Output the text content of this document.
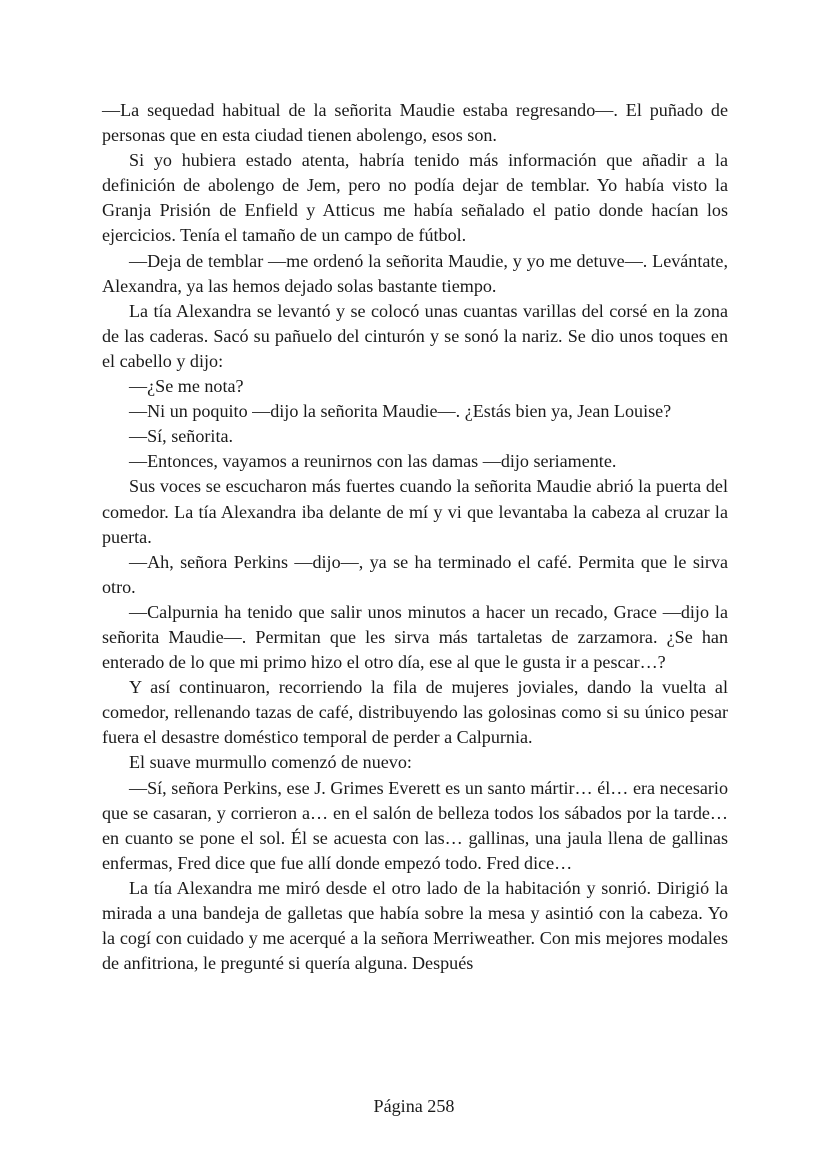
—La sequedad habitual de la señorita Maudie estaba regresando—. El puñado de personas que en esta ciudad tienen abolengo, esos son.

Si yo hubiera estado atenta, habría tenido más información que añadir a la definición de abolengo de Jem, pero no podía dejar de temblar. Yo había visto la Granja Prisión de Enfield y Atticus me había señalado el patio donde hacían los ejercicios. Tenía el tamaño de un campo de fútbol.

—Deja de temblar —me ordenó la señorita Maudie, y yo me detuve—. Levántate, Alexandra, ya las hemos dejado solas bastante tiempo.

La tía Alexandra se levantó y se colocó unas cuantas varillas del corsé en la zona de las caderas. Sacó su pañuelo del cinturón y se sonó la nariz. Se dio unos toques en el cabello y dijo:

—¿Se me nota?

—Ni un poquito —dijo la señorita Maudie—. ¿Estás bien ya, Jean Louise?

—Sí, señorita.

—Entonces, vayamos a reunirnos con las damas —dijo seriamente.

Sus voces se escucharon más fuertes cuando la señorita Maudie abrió la puerta del comedor. La tía Alexandra iba delante de mí y vi que levantaba la cabeza al cruzar la puerta.

—Ah, señora Perkins —dijo—, ya se ha terminado el café. Permita que le sirva otro.

—Calpurnia ha tenido que salir unos minutos a hacer un recado, Grace —dijo la señorita Maudie—. Permitan que les sirva más tartaletas de zarzamora. ¿Se han enterado de lo que mi primo hizo el otro día, ese al que le gusta ir a pescar…?

Y así continuaron, recorriendo la fila de mujeres joviales, dando la vuelta al comedor, rellenando tazas de café, distribuyendo las golosinas como si su único pesar fuera el desastre doméstico temporal de perder a Calpurnia.

El suave murmullo comenzó de nuevo:

—Sí, señora Perkins, ese J. Grimes Everett es un santo mártir… él… era necesario que se casaran, y corrieron a… en el salón de belleza todos los sábados por la tarde… en cuanto se pone el sol. Él se acuesta con las… gallinas, una jaula llena de gallinas enfermas, Fred dice que fue allí donde empezó todo. Fred dice…

La tía Alexandra me miró desde el otro lado de la habitación y sonrió. Dirigió la mirada a una bandeja de galletas que había sobre la mesa y asintió con la cabeza. Yo la cogí con cuidado y me acerqué a la señora Merriweather. Con mis mejores modales de anfitriona, le pregunté si quería alguna. Después

Página 258
